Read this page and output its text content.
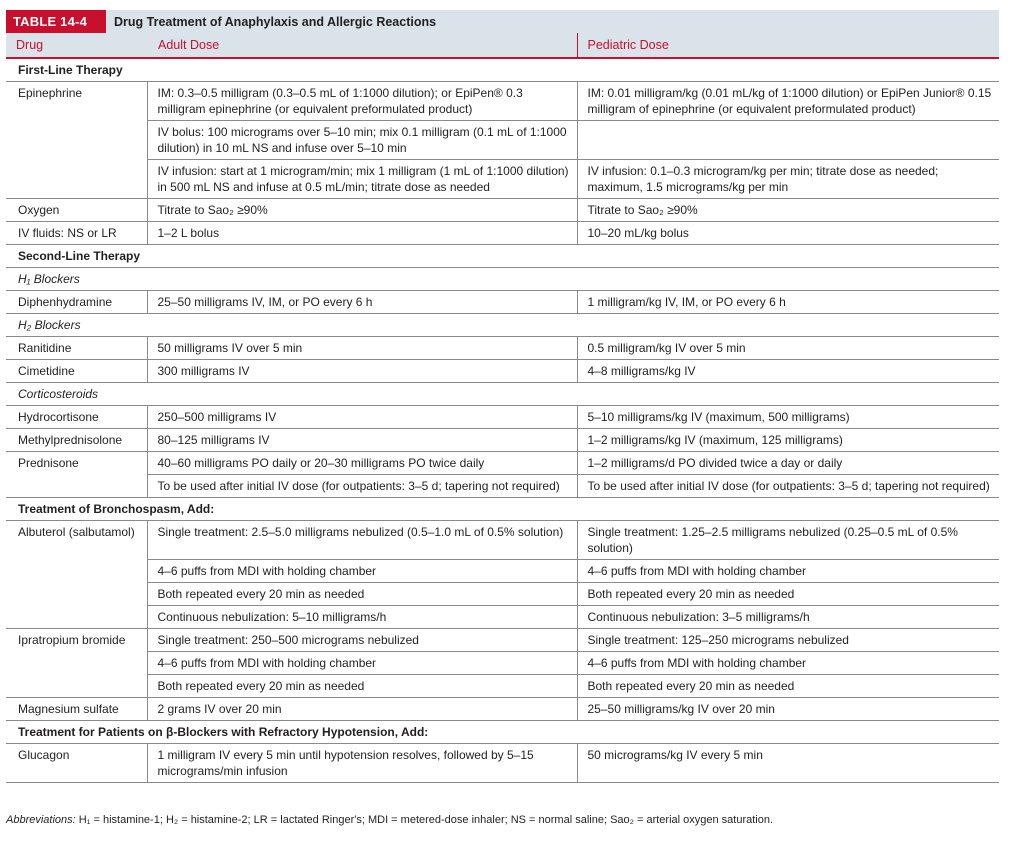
TABLE 14-4	Drug Treatment of Anaphylaxis and Allergic Reactions
Drug	Adult Dose	Pediatric Dose
First-Line Therapy		
Epinephrine	IM: 0.3–0.5 milligram (0.3–0.5 mL of 1:1000 dilution); or EpiPen® 0.3 milligram epinephrine (or equivalent preformulated product)	IM: 0.01 milligram/kg (0.01 mL/kg of 1:1000 dilution) or EpiPen Junior® 0.15 milligram of epinephrine (or equivalent preformulated product)
	IV bolus: 100 micrograms over 5–10 min; mix 0.1 milligram (0.1 mL of 1:1000 dilution) in 10 mL NS and infuse over 5–10 min	
	IV infusion: start at 1 microgram/min; mix 1 milligram (1 mL of 1:1000 dilution) in 500 mL NS and infuse at 0.5 mL/min; titrate dose as needed	IV infusion: 0.1–0.3 microgram/kg per min; titrate dose as needed; maximum, 1.5 micrograms/kg per min
Oxygen	Titrate to Sao₂ ≥90%	Titrate to Sao₂ ≥90%
IV fluids: NS or LR	1–2 L bolus	10–20 mL/kg bolus
Second-Line Therapy		
H₁ Blockers		
Diphenhydramine	25–50 milligrams IV, IM, or PO every 6 h	1 milligram/kg IV, IM, or PO every 6 h
H₂ Blockers		
Ranitidine	50 milligrams IV over 5 min	0.5 milligram/kg IV over 5 min
Cimetidine	300 milligrams IV	4–8 milligrams/kg IV
Corticosteroids		
Hydrocortisone	250–500 milligrams IV	5–10 milligrams/kg IV (maximum, 500 milligrams)
Methylprednisolone	80–125 milligrams IV	1–2 milligrams/kg IV (maximum, 125 milligrams)
Prednisone	40–60 milligrams PO daily or 20–30 milligrams PO twice daily	1–2 milligrams/d PO divided twice a day or daily
	To be used after initial IV dose (for outpatients: 3–5 d; tapering not required)	To be used after initial IV dose (for outpatients: 3–5 d; tapering not required)
Treatment of Bronchospasm, Add:		
Albuterol (salbutamol)	Single treatment: 2.5–5.0 milligrams nebulized (0.5–1.0 mL of 0.5% solution)	Single treatment: 1.25–2.5 milligrams nebulized (0.25–0.5 mL of 0.5% solution)
	4–6 puffs from MDI with holding chamber	4–6 puffs from MDI with holding chamber
	Both repeated every 20 min as needed	Both repeated every 20 min as needed
	Continuous nebulization: 5–10 milligrams/h	Continuous nebulization: 3–5 milligrams/h
Ipratropium bromide	Single treatment: 250–500 micrograms nebulized	Single treatment: 125–250 micrograms nebulized
	4–6 puffs from MDI with holding chamber	4–6 puffs from MDI with holding chamber
	Both repeated every 20 min as needed	Both repeated every 20 min as needed
Magnesium sulfate	2 grams IV over 20 min	25–50 milligrams/kg IV over 20 min
Treatment for Patients on β-Blockers with Refractory Hypotension, Add:		
Glucagon	1 milligram IV every 5 min until hypotension resolves, followed by 5–15 micrograms/min infusion	50 micrograms/kg IV every 5 min
Abbreviations: H₁ = histamine-1; H₂ = histamine-2; LR = lactated Ringer's; MDI = metered-dose inhaler; NS = normal saline; Sao₂ = arterial oxygen saturation.
